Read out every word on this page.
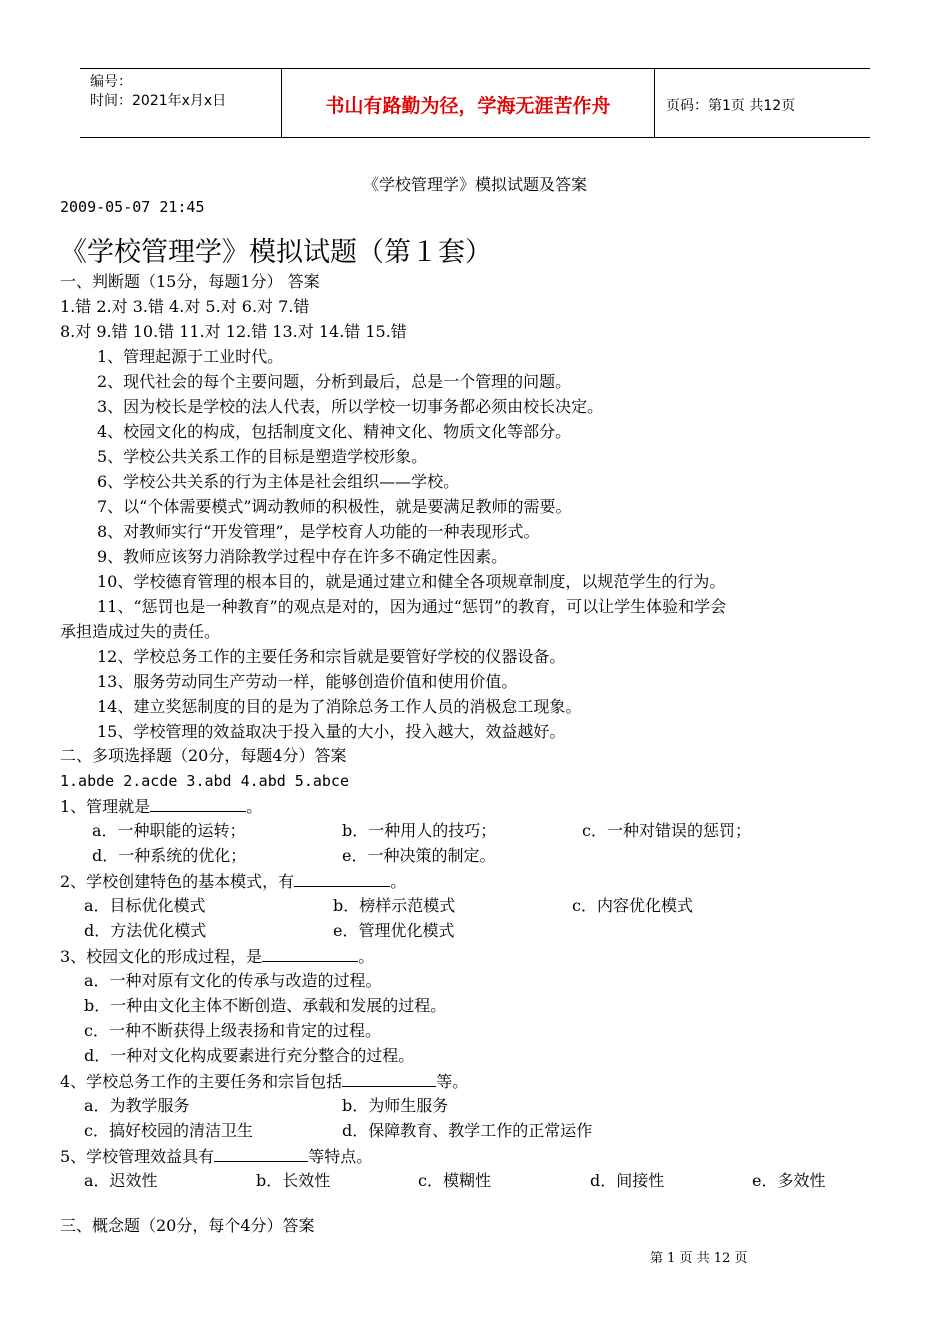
编号：
时间：2021年x月x日	书山有路勤为径，学海无涯苦作舟	页码：第1页 共12页
《学校管理学》模拟试题及答案
2009-05-07 21:45
《学校管理学》模拟试题（第１套）
一、判断题（15分，每题1分） 答案
1.错 2.对 3.错 4.对 5.对 6.对 7.错
8.对 9.错 10.错 11.对 12.错 13.对 14.错 15.错
1、管理起源于工业时代。
2、现代社会的每个主要问题，分析到最后，总是一个管理的问题。
3、因为校长是学校的法人代表，所以学校一切事务都必须由校长决定。
4、校园文化的构成，包括制度文化、精神文化、物质文化等部分。
5、学校公共关系工作的目标是塑造学校形象。
6、学校公共关系的行为主体是社会组织——学校。
7、以“个体需要模式”调动教师的积极性，就是要满足教师的需要。
8、对教师实行“开发管理”，是学校育人功能的一种表现形式。
9、教师应该努力消除教学过程中存在许多不确定性因素。
10、学校德育管理的根本目的，就是通过建立和健全各项规章制度，以规范学生的行为。
11、“惩罚也是一种教育”的观点是对的，因为通过“惩罚”的教育，可以让学生体验和学会
承担造成过失的责任。
12、学校总务工作的主要任务和宗旨就是要管好学校的仪器设备。
13、服务劳动同生产劳动一样，能够创造价值和使用价值。
14、建立奖惩制度的目的是为了消除总务工作人员的消极怠工现象。
15、学校管理的效益取决于投入量的大小，投入越大，效益越好。
二、多项选择题（20分，每题4分）答案
1.abde 2.acde 3.abd 4.abd 5.abce
1、管理就是	。
a．一种职能的运转；	b．一种用人的技巧；	c．一种对错误的惩罚；
d．一种系统的优化；	e．一种决策的制定。
2、学校创建特色的基本模式，有	。
a．目标优化模式	b．榜样示范模式	c．内容优化模式
d．方法优化模式	e．管理优化模式
3、校园文化的形成过程，是	。
a．一种对原有文化的传承与改造的过程。
b．一种由文化主体不断创造、承载和发展的过程。
c．一种不断获得上级表扬和肯定的过程。
d．一种对文化构成要素进行充分整合的过程。
4、学校总务工作的主要任务和宗旨包括	等。
a．为教学服务	b．为师生服务
c．搞好校园的清洁卫生	d．保障教育、教学工作的正常运作
5、学校管理效益具有	等特点。
a．迟效性	b．长效性	c．模糊性	d．间接性	e．多效性
三、概念题（20分，每个4分）答案
第 1 页 共 12 页
